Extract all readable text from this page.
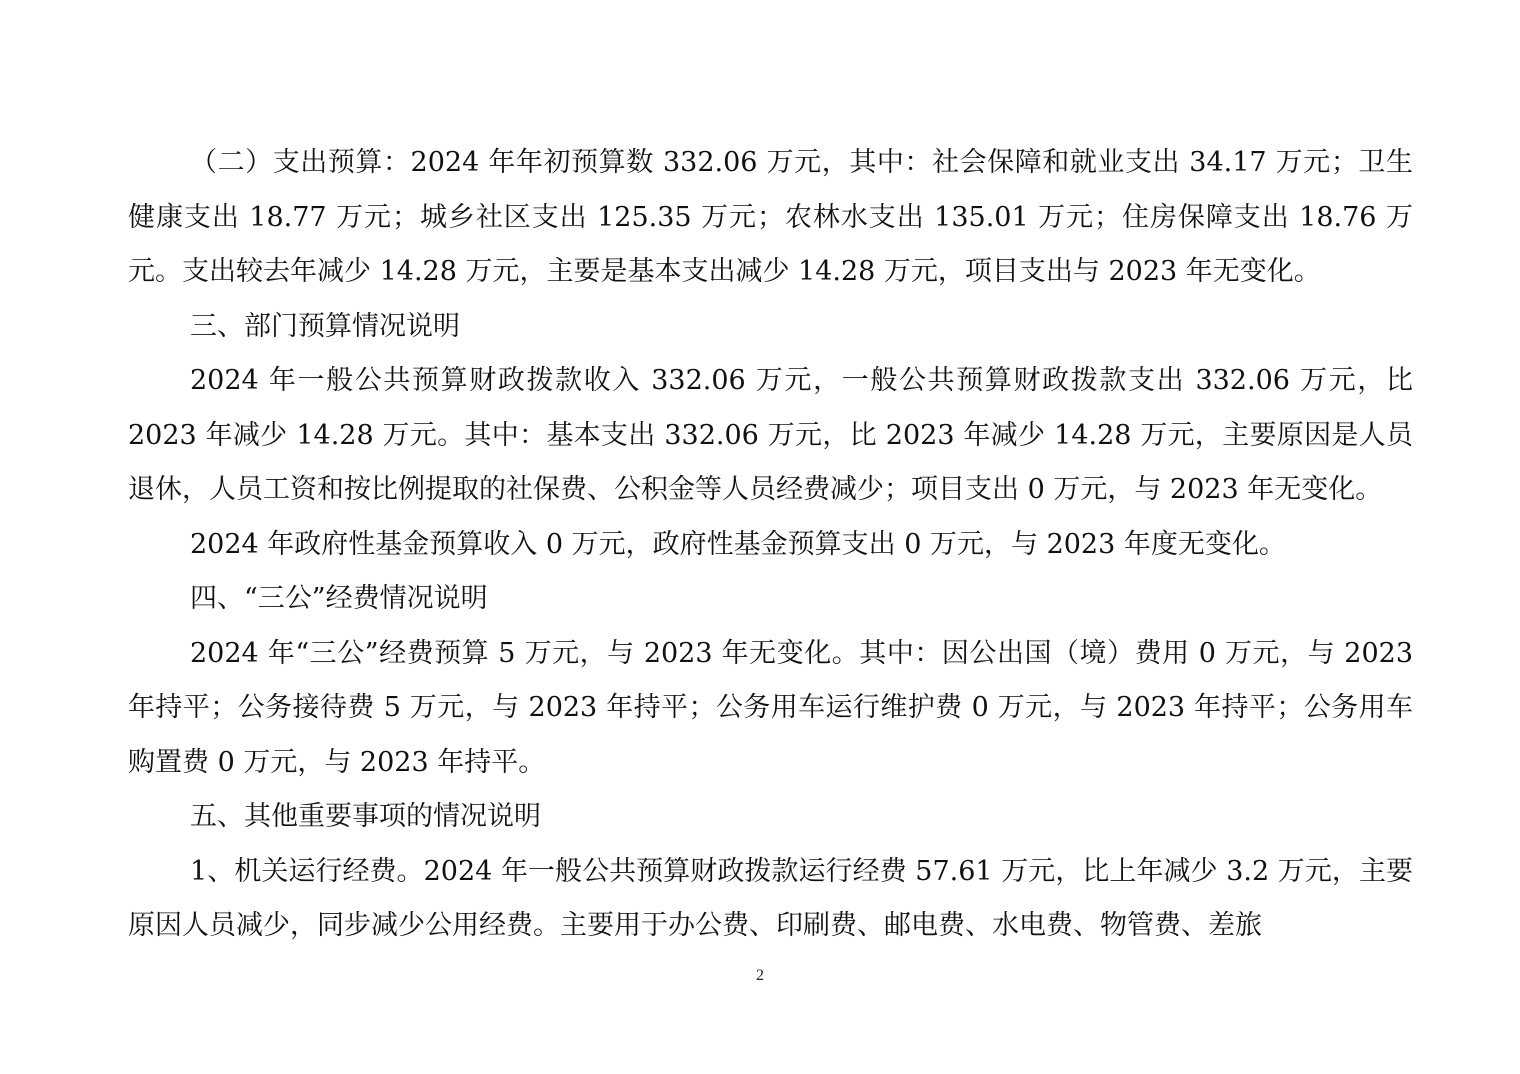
（二）支出预算：2024 年年初预算数 332.06 万元，其中：社会保障和就业支出 34.17 万元；卫生健康支出 18.77 万元；城乡社区支出 125.35 万元；农林水支出 135.01 万元；住房保障支出 18.76 万元。支出较去年减少 14.28 万元，主要是基本支出减少 14.28 万元，项目支出与 2023 年无变化。

三、部门预算情况说明

2024 年一般公共预算财政拨款收入 332.06 万元，一般公共预算财政拨款支出 332.06 万元，比 2023 年减少 14.28 万元。其中：基本支出 332.06 万元，比 2023 年减少 14.28 万元，主要原因是人员退休，人员工资和按比例提取的社保费、公积金等人员经费减少；项目支出 0 万元，与 2023 年无变化。

2024 年政府性基金预算收入 0 万元，政府性基金预算支出 0 万元，与 2023 年度无变化。

四、“三公”经费情况说明

2024 年“三公”经费预算 5 万元，与 2023 年无变化。其中：因公出国（境）费用 0 万元，与 2023 年持平；公务接待费 5 万元，与 2023 年持平；公务用车运行维护费 0 万元，与 2023 年持平；公务用车购置费 0 万元，与 2023 年持平。

五、其他重要事项的情况说明

1、机关运行经费。2024 年一般公共预算财政拨款运行经费 57.61 万元，比上年减少 3.2 万元，主要原因人员减少，同步减少公用经费。主要用于办公费、印刷费、邮电费、水电费、物管费、差旅

2
